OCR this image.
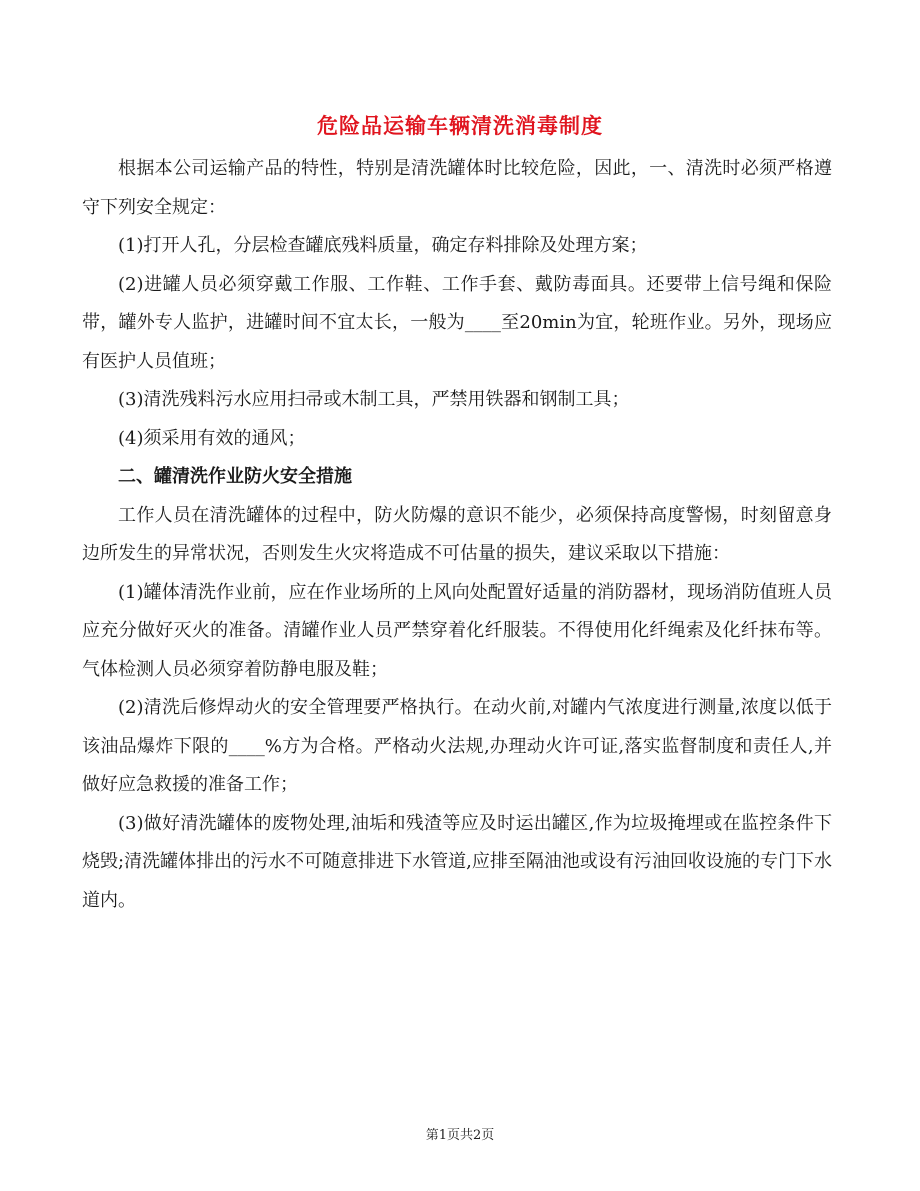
危险品运输车辆清洗消毒制度

根据本公司运输产品的特性，特别是清洗罐体时比较危险，因此，一、清洗时必须严格遵守下列安全规定：

(1)打开人孔，分层检查罐底残料质量，确定存料排除及处理方案；

(2)进罐人员必须穿戴工作服、工作鞋、工作手套、戴防毒面具。还要带上信号绳和保险带，罐外专人监护，进罐时间不宜太长，一般为____至20min为宜，轮班作业。另外，现场应有医护人员值班；

(3)清洗残料污水应用扫帚或木制工具，严禁用铁器和钢制工具；

(4)须采用有效的通风；

二、罐清洗作业防火安全措施

工作人员在清洗罐体的过程中，防火防爆的意识不能少，必须保持高度警惕，时刻留意身边所发生的异常状况，否则发生火灾将造成不可估量的损失，建议采取以下措施：

(1)罐体清洗作业前，应在作业场所的上风向处配置好适量的消防器材，现场消防值班人员应充分做好灭火的准备。清罐作业人员严禁穿着化纤服装。不得使用化纤绳索及化纤抹布等。气体检测人员必须穿着防静电服及鞋；

(2)清洗后修焊动火的安全管理要严格执行。在动火前,对罐内气浓度进行测量,浓度以低于该油品爆炸下限的____%方为合格。严格动火法规,办理动火许可证,落实监督制度和责任人,并做好应急救援的准备工作；

(3)做好清洗罐体的废物处理,油垢和残渣等应及时运出罐区,作为垃圾掩埋或在监控条件下烧毁;清洗罐体排出的污水不可随意排进下水管道,应排至隔油池或设有污油回收设施的专门下水道内。

第1页共2页
